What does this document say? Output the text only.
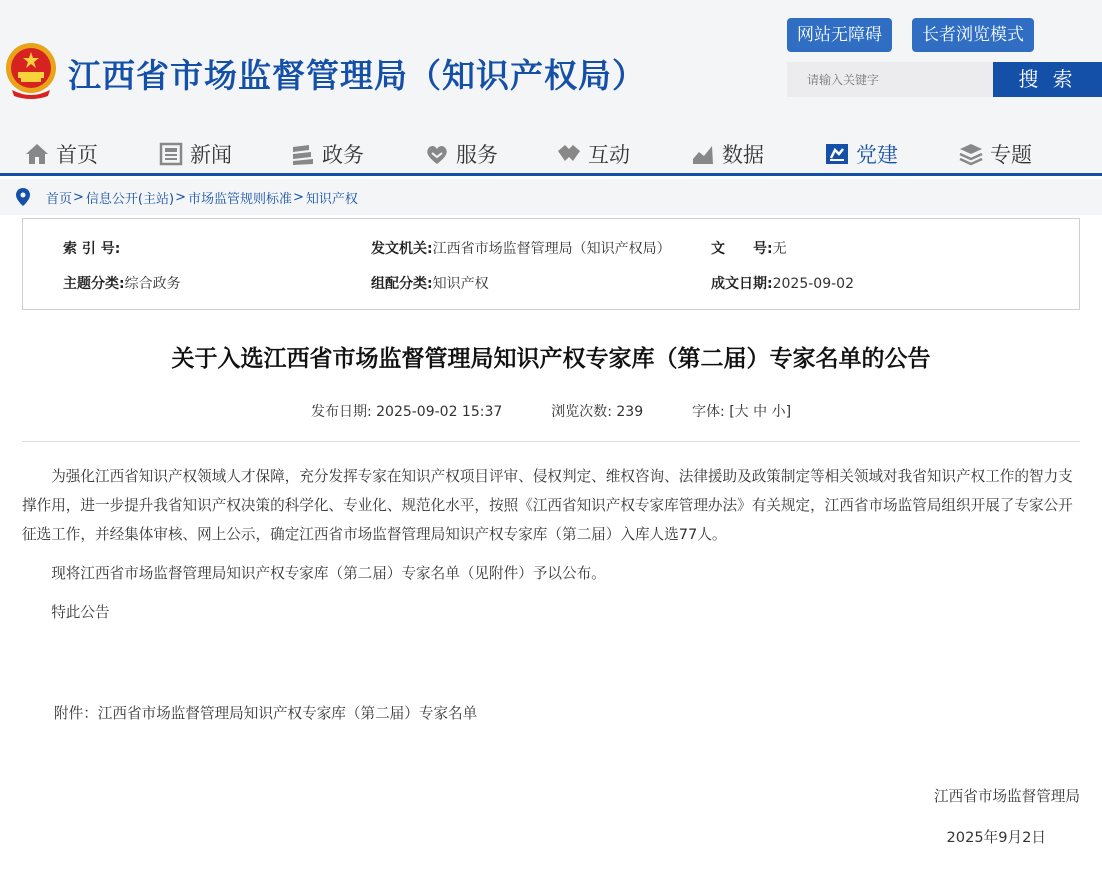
江西省市场监督管理局（知识产权局）
网站无障碍	长者浏览模式
请输入关键字
搜 索
首页	新闻	政务	服务	互动	数据	党建	专题
首页 > 信息公开(主站) > 市场监管规则标准 > 知识产权
索 引 号:	发文机关:江西省市场监督管理局（知识产权局）	文　　号:无
主题分类:综合政务	组配分类:知识产权	成文日期:2025-09-02
关于入选江西省市场监督管理局知识产权专家库（第二届）专家名单的公告
发布日期: 2025-09-02 15:37	浏览次数: 239	字体: [大 中 小]

为强化江西省知识产权领域人才保障，充分发挥专家在知识产权项目评审、侵权判定、维权咨询、法律援助及政策制定等相关领域对我省知识产权工作的智力支撑作用，进一步提升我省知识产权决策的科学化、专业化、规范化水平，按照《江西省知识产权专家库管理办法》有关规定，江西省市场监管局组织开展了专家公开征选工作，并经集体审核、网上公示，确定江西省市场监督管理局知识产权专家库（第二届）入库人选77人。

现将江西省市场监督管理局知识产权专家库（第二届）专家名单（见附件）予以公布。

特此公告

附件：江西省市场监督管理局知识产权专家库（第二届）专家名单
江西省市场监督管理局
2025年9月2日
